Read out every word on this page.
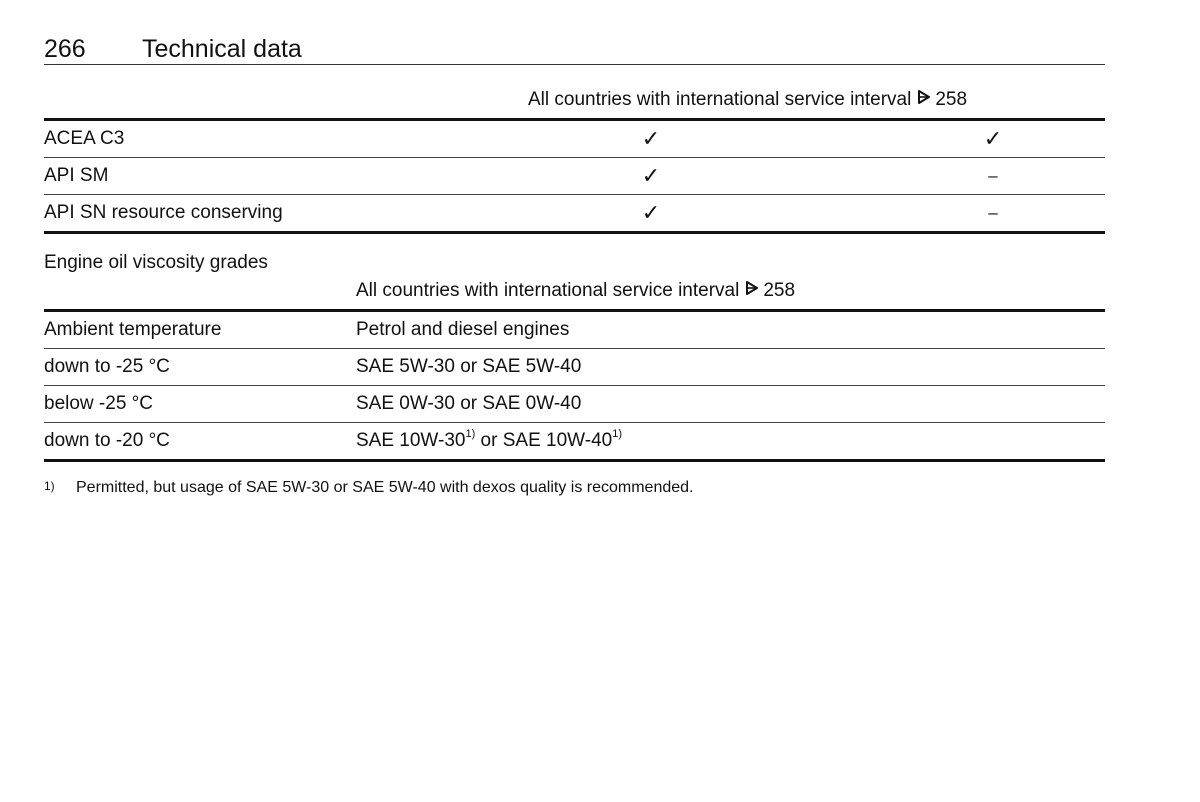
266 Technical data
All countries with international service interval 258
ACEA C3	✓	✓
API SM	✓	–
API SN resource conserving	✓	–
Engine oil viscosity grades
All countries with international service interval 258
Ambient temperature	Petrol and diesel engines
down to -25 °C	SAE 5W-30 or SAE 5W-40
below -25 °C	SAE 0W-30 or SAE 0W-40
down to -20 °C	SAE 10W-30$^{1)}$ or SAE 10W-40$^{1)}$
1) Permitted, but usage of SAE 5W-30 or SAE 5W-40 with dexos quality is recommended.
